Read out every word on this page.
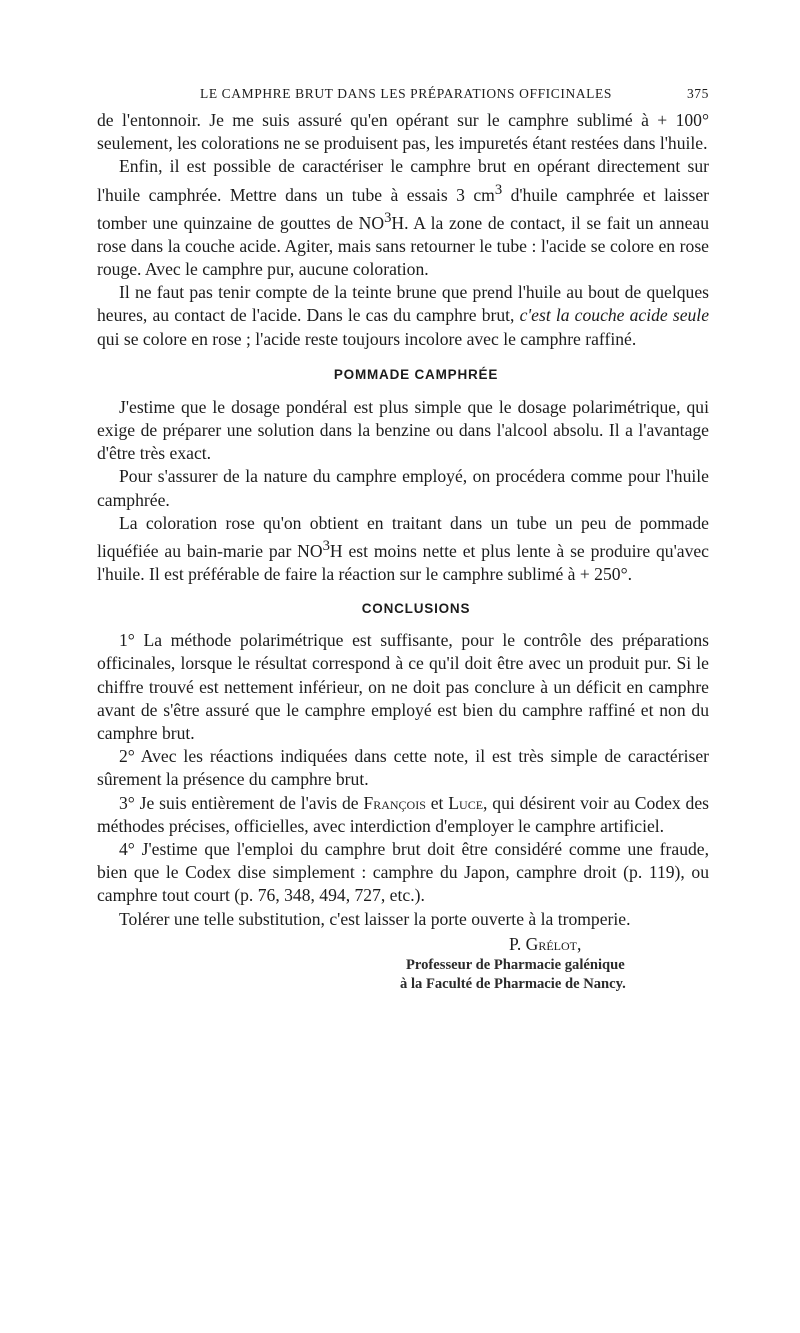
LE CAMPHRE BRUT DANS LES PRÉPARATIONS OFFICINALES	375

de l'entonnoir. Je me suis assuré qu'en opérant sur le camphre sublimé à + 100° seulement, les colorations ne se produisent pas, les impuretés étant restées dans l'huile.

Enfin, il est possible de caractériser le camphre brut en opérant directement sur l'huile camphrée. Mettre dans un tube à essais 3 $cm^3$ d'huile camphrée et laisser tomber une quinzaine de gouttes de $NO^3H$. A la zone de contact, il se fait un anneau rose dans la couche acide. Agiter, mais sans retourner le tube : l'acide se colore en rose rouge. Avec le camphre pur, aucune coloration.

Il ne faut pas tenir compte de la teinte brune que prend l'huile au bout de quelques heures, au contact de l'acide. Dans le cas du camphre brut, c'est la couche acide seule qui se colore en rose ; l'acide reste toujours incolore avec le camphre raffiné.

POMMADE CAMPHRÉE

J'estime que le dosage pondéral est plus simple que le dosage polarimétrique, qui exige de préparer une solution dans la benzine ou dans l'alcool absolu. Il a l'avantage d'être très exact.

Pour s'assurer de la nature du camphre employé, on procédera comme pour l'huile camphrée.

La coloration rose qu'on obtient en traitant dans un tube un peu de pommade liquéfiée au bain-marie par $NO^3H$ est moins nette et plus lente à se produire qu'avec l'huile. Il est préférable de faire la réaction sur le camphre sublimé à + 250°.

CONCLUSIONS

1° La méthode polarimétrique est suffisante, pour le contrôle des préparations officinales, lorsque le résultat correspond à ce qu'il doit être avec un produit pur. Si le chiffre trouvé est nettement inférieur, on ne doit pas conclure à un déficit en camphre avant de s'être assuré que le camphre employé est bien du camphre raffiné et non du camphre brut.

2° Avec les réactions indiquées dans cette note, il est très simple de caractériser sûrement la présence du camphre brut.

3° Je suis entièrement de l'avis de François et Luce, qui désirent voir au Codex des méthodes précises, officielles, avec interdiction d'employer le camphre artificiel.

4° J'estime que l'emploi du camphre brut doit être considéré comme une fraude, bien que le Codex dise simplement : camphre du Japon, camphre droit (p. 119), ou camphre tout court (p. 76, 348, 494, 727, etc.).

Tolérer une telle substitution, c'est laisser la porte ouverte à la tromperie.

P. Grélot,
Professeur de Pharmacie galénique
à la Faculté de Pharmacie de Nancy.
